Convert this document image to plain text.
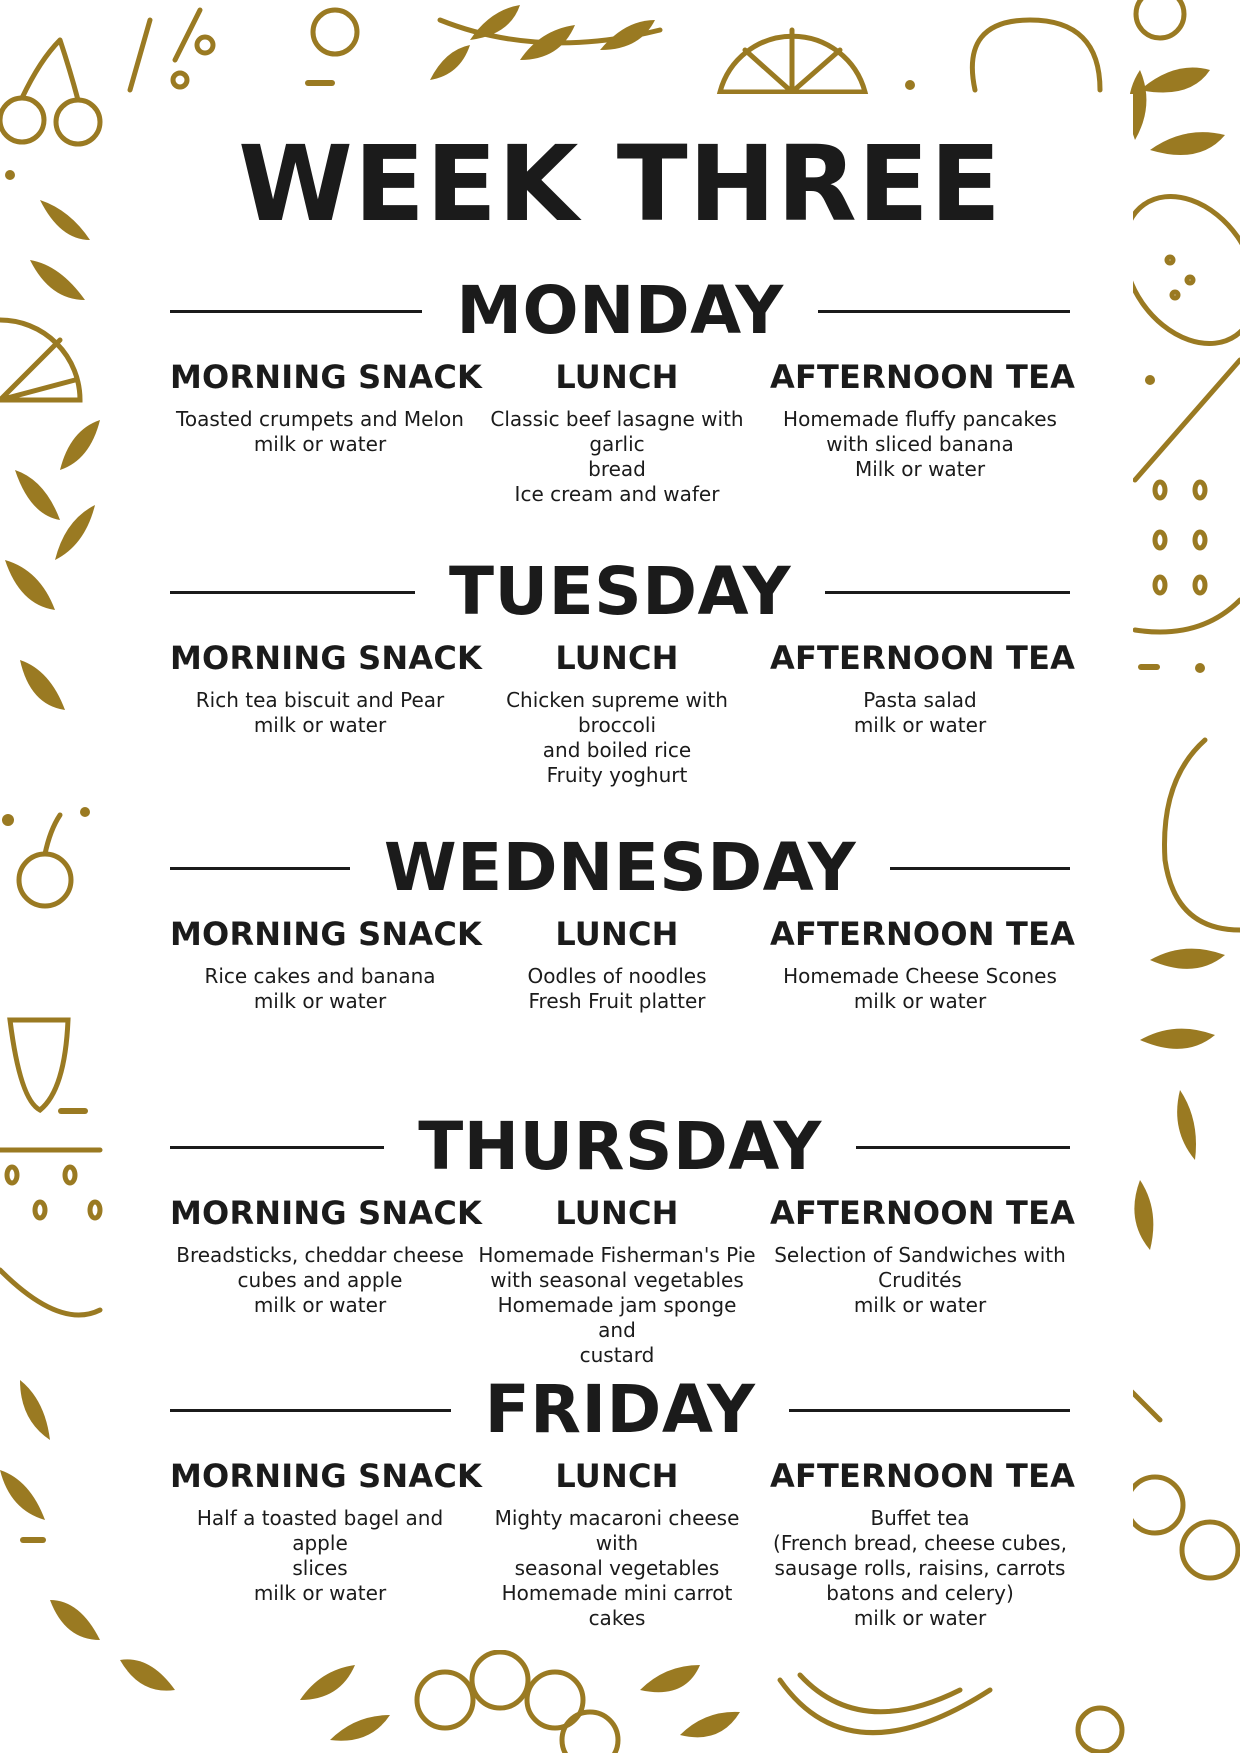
WEEK THREE
MONDAY
MORNING SNACK
Toasted crumpets and Melon
milk or water
LUNCH
Classic beef lasagne with garlic
bread
Ice cream and wafer
AFTERNOON TEA
Homemade fluffy pancakes
with sliced banana
Milk or water
TUESDAY
MORNING SNACK
Rich tea biscuit and Pear
milk or water
LUNCH
Chicken supreme with broccoli
and boiled rice
Fruity yoghurt
AFTERNOON TEA
Pasta salad
milk or water
WEDNESDAY
MORNING SNACK
Rice cakes and banana
milk or water
LUNCH
Oodles of noodles
Fresh Fruit platter
AFTERNOON TEA
Homemade Cheese Scones
milk or water
THURSDAY
MORNING SNACK
Breadsticks, cheddar cheese
cubes and apple
milk or water
LUNCH
Homemade Fisherman's Pie
with seasonal vegetables
Homemade jam sponge and
custard
AFTERNOON TEA
Selection of Sandwiches with
Crudités
milk or water
FRIDAY
MORNING SNACK
Half a toasted bagel and apple
slices
milk or water
LUNCH
Mighty macaroni cheese with
seasonal vegetables
Homemade mini carrot cakes
AFTERNOON TEA
Buffet tea
(French bread, cheese cubes,
sausage rolls, raisins, carrots
batons and celery)
milk or water
